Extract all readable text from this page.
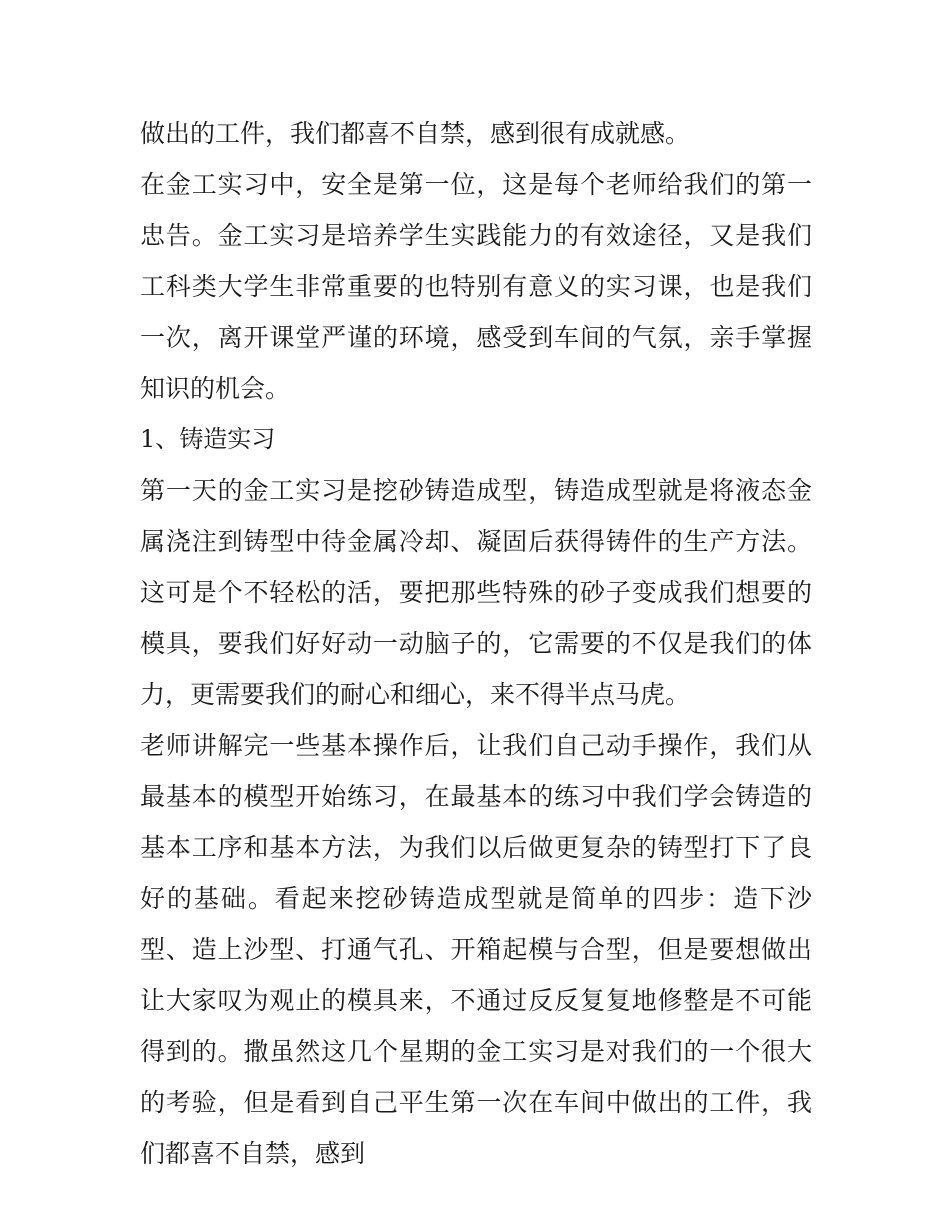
做出的工件，我们都喜不自禁，感到很有成就感。

在金工实习中，安全是第一位，这是每个老师给我们的第一忠告。金工实习是培养学生实践能力的有效途径，又是我们工科类大学生非常重要的也特别有意义的实习课，也是我们一次，离开课堂严谨的环境，感受到车间的气氛，亲手掌握知识的机会。

1、铸造实习

第一天的金工实习是挖砂铸造成型，铸造成型就是将液态金属浇注到铸型中待金属冷却、凝固后获得铸件的生产方法。这可是个不轻松的活，要把那些特殊的砂子变成我们想要的模具，要我们好好动一动脑子的，它需要的不仅是我们的体力，更需要我们的耐心和细心，来不得半点马虎。

老师讲解完一些基本操作后，让我们自己动手操作，我们从最基本的模型开始练习，在最基本的练习中我们学会铸造的基本工序和基本方法，为我们以后做更复杂的铸型打下了良好的基础。看起来挖砂铸造成型就是简单的四步：造下沙型、造上沙型、打通气孔、开箱起模与合型，但是要想做出让大家叹为观止的模具来，不通过反反复复地修整是不可能得到的。撒虽然这几个星期的金工实习是对我们的一个很大的考验，但是看到自己平生第一次在车间中做出的工件，我们都喜不自禁，感到
